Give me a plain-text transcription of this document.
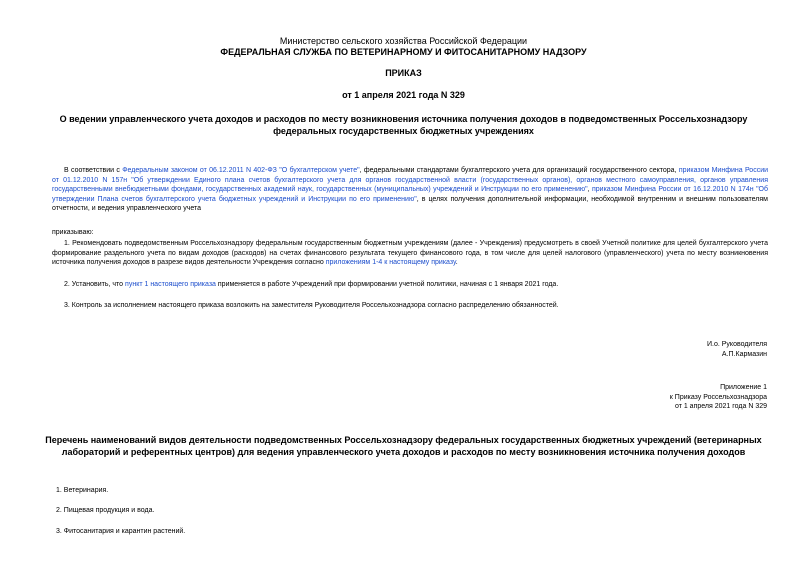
Министерство сельского хозяйства Российской Федерации
ФЕДЕРАЛЬНАЯ СЛУЖБА ПО ВЕТЕРИНАРНОМУ И ФИТОСАНИТАРНОМУ НАДЗОРУ
ПРИКАЗ
от 1 апреля 2021 года N 329
О ведении управленческого учета доходов и расходов по месту возникновения источника получения доходов в подведомственных Россельхознадзору федеральных государственных бюджетных учреждениях
В соответствии с Федеральным законом от 06.12.2011 N 402-ФЗ "О бухгалтерском учете", федеральными стандартами бухгалтерского учета для организаций государственного сектора, приказом Минфина России от 01.12.2010 N 157н "Об утверждении Единого плана счетов бухгалтерского учета для органов государственной власти (государственных органов), органов местного самоуправления, органов управления государственными внебюджетными фондами, государственных академий наук, государственных (муниципальных) учреждений и Инструкции по его применению", приказом Минфина России от 16.12.2010 N 174н "Об утверждении Плана счетов бухгалтерского учета бюджетных учреждений и Инструкции по его применению", в целях получения дополнительной информации, необходимой внутренним и внешним пользователям отчетности, и ведения управленческого учета
приказываю:
1. Рекомендовать подведомственным Россельхознадзору федеральным государственным бюджетным учреждениям (далее - Учреждения) предусмотреть в своей Учетной политике для целей бухгалтерского учета формирование раздельного учета по видам доходов (расходов) на счетах финансового результата текущего финансового года, в том числе для целей налогового (управленческого) учета по месту возникновения источника получения доходов в разрезе видов деятельности Учреждения согласно приложениям 1-4 к настоящему приказу.
2. Установить, что пункт 1 настоящего приказа применяется в работе Учреждений при формировании учетной политики, начиная с 1 января 2021 года.
3. Контроль за исполнением настоящего приказа возложить на заместителя Руководителя Россельхознадзора согласно распределению обязанностей.
И.о. Руководителя
А.П.Кармазин
Приложение 1
к Приказу Россельхознадзора
от 1 апреля 2021 года N 329
Перечень наименований видов деятельности подведомственных Россельхознадзору федеральных государственных бюджетных учреждений (ветеринарных лабораторий и референтных центров) для ведения управленческого учета доходов и расходов по месту возникновения источника получения доходов
1. Ветеринария.
2. Пищевая продукция и вода.
3. Фитосанитария и карантин растений.
